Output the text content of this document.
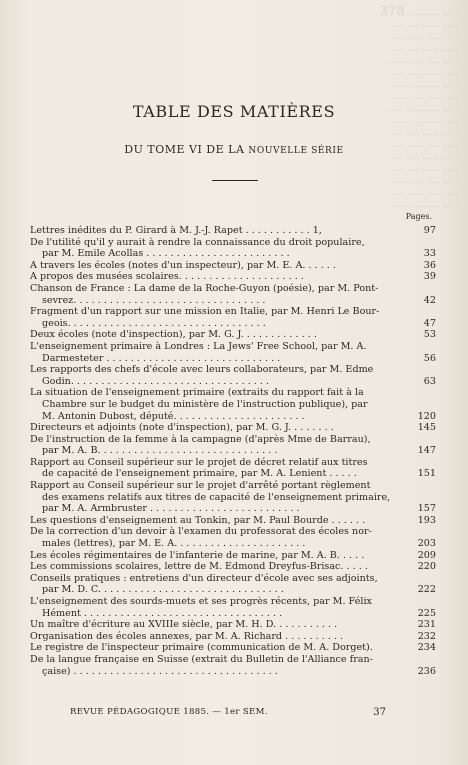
378  ..... ...... ......
...... ..... ....... ......
..... ....... ...... .....
...... ..... ...... .......
....... ...... ..... ......
..... ...... ....... .....
...... ..... ...... ......
....... ...... ...... .....
..... ....... ...... ......
...... ..... ....... .....
..... ...... ...... .......
...... ....... ..... ......
..... ...... ...... .......
...... ..... ....... ......
....... ...... ..... ......
..... ....... ...... .....
...... ..... ...... ......
TABLE DES MATIÈRES
DU TOME VI DE LA NOUVELLE SÉRIE
Pages.
Lettres inédites du P. Girard à M. J.-J. Rapet . . . . . . . . . . . 1,	97
De l'utilité qu'il y aurait à rendre la connaissance du droit populaire,
par M. Emile Acollas . . . . . . . . . . . . . . . . . . . . . . . .	33
A travers les écoles (notes d'un inspecteur), par M. E. A. . . . . .	36
A propos des musées scolaires. . . . . . . . . . . . . . . . . . . . .	39
Chanson de France : La dame de la Roche-Guyon (poésie), par M. Pont-
sevrez. . . . . . . . . . . . . . . . . . . . . . . . . . . . . . . .	42
Fragment d'un rapport sur une mission en Italie, par M. Henri Le Bour-
geois. . . . . . . . . . . . . . . . . . . . . . . . . . . . . . . . .	47
Deux écoles (note d'inspection), par M. G. J. . . . . . . . . . . . .	53
L'enseignement primaire à Londres : La Jews' Free School, par M. A.
Darmesteter . . . . . . . . . . . . . . . . . . . . . . . . . . . . .	56
Les rapports des chefs d'école avec leurs collaborateurs, par M. Edme
Godin. . . . . . . . . . . . . . . . . . . . . . . . . . . . . . . . .	63
La situation de l'enseignement primaire (extraits du rapport fait à la
Chambre sur le budget du ministère de l'instruction publique), par
M. Antonin Dubost, député. . . . . . . . . . . . . . . . . . . . . .	120
Directeurs et adjoints (note d'inspection), par M. G. J. . . . . . . .	145
De l'instruction de la femme à la campagne (d'après Mme de Barrau),
par M. A. B. . . . . . . . . . . . . . . . . . . . . . . . . . . . . .	147
Rapport au Conseil supérieur sur le projet de décret relatif aux titres
de capacité de l'enseignement primaire, par M. A. Lenient . . . . .	151
Rapport au Conseil supérieur sur le projet d'arrêté portant règlement
des examens relatifs aux titres de capacité de l'enseignement primaire,
par M. A. Armbruster . . . . . . . . . . . . . . . . . . . . . . . . .	157
Les questions d'enseignement au Tonkin, par M. Paul Bourde . . . . . .	193
De la correction d'un devoir à l'examen du professorat des écoles nor-
males (lettres), par M. E. A. . . . . . . . . . . . . . . . . . . . . .	203
Les écoles régimentaires de l'infanterie de marine, par M. A. B. . . . .	209
Les commissions scolaires, lettre de M. Edmond Dreyfus-Brisac. . . . .	220
Conseils pratiques : entretiens d'un directeur d'école avec ses adjoints,
par M. D. C. . . . . . . . . . . . . . . . . . . . . . . . . . . . . . .	222
L'enseignement des sourds-muets et ses progrès récents, par M. Félix
Hément . . . . . . . . . . . . . . . . . . . . . . . . . . . . . . . . .	225
Un maître d'écriture au XVIIIe siècle, par M. H. D. . . . . . . . . . .	231
Organisation des écoles annexes, par M. A. Richard . . . . . . . . . .	232
Le registre de l'inspecteur primaire (communication de M. A. Dorget).	234
De la langue française en Suisse (extrait du Bulletin de l'Alliance fran-
çaise) . . . . . . . . . . . . . . . . . . . . . . . . . . . . . . . . . .	236
REVUE PÉDAGOGIQUE 1885. — 1er SEM.	37
